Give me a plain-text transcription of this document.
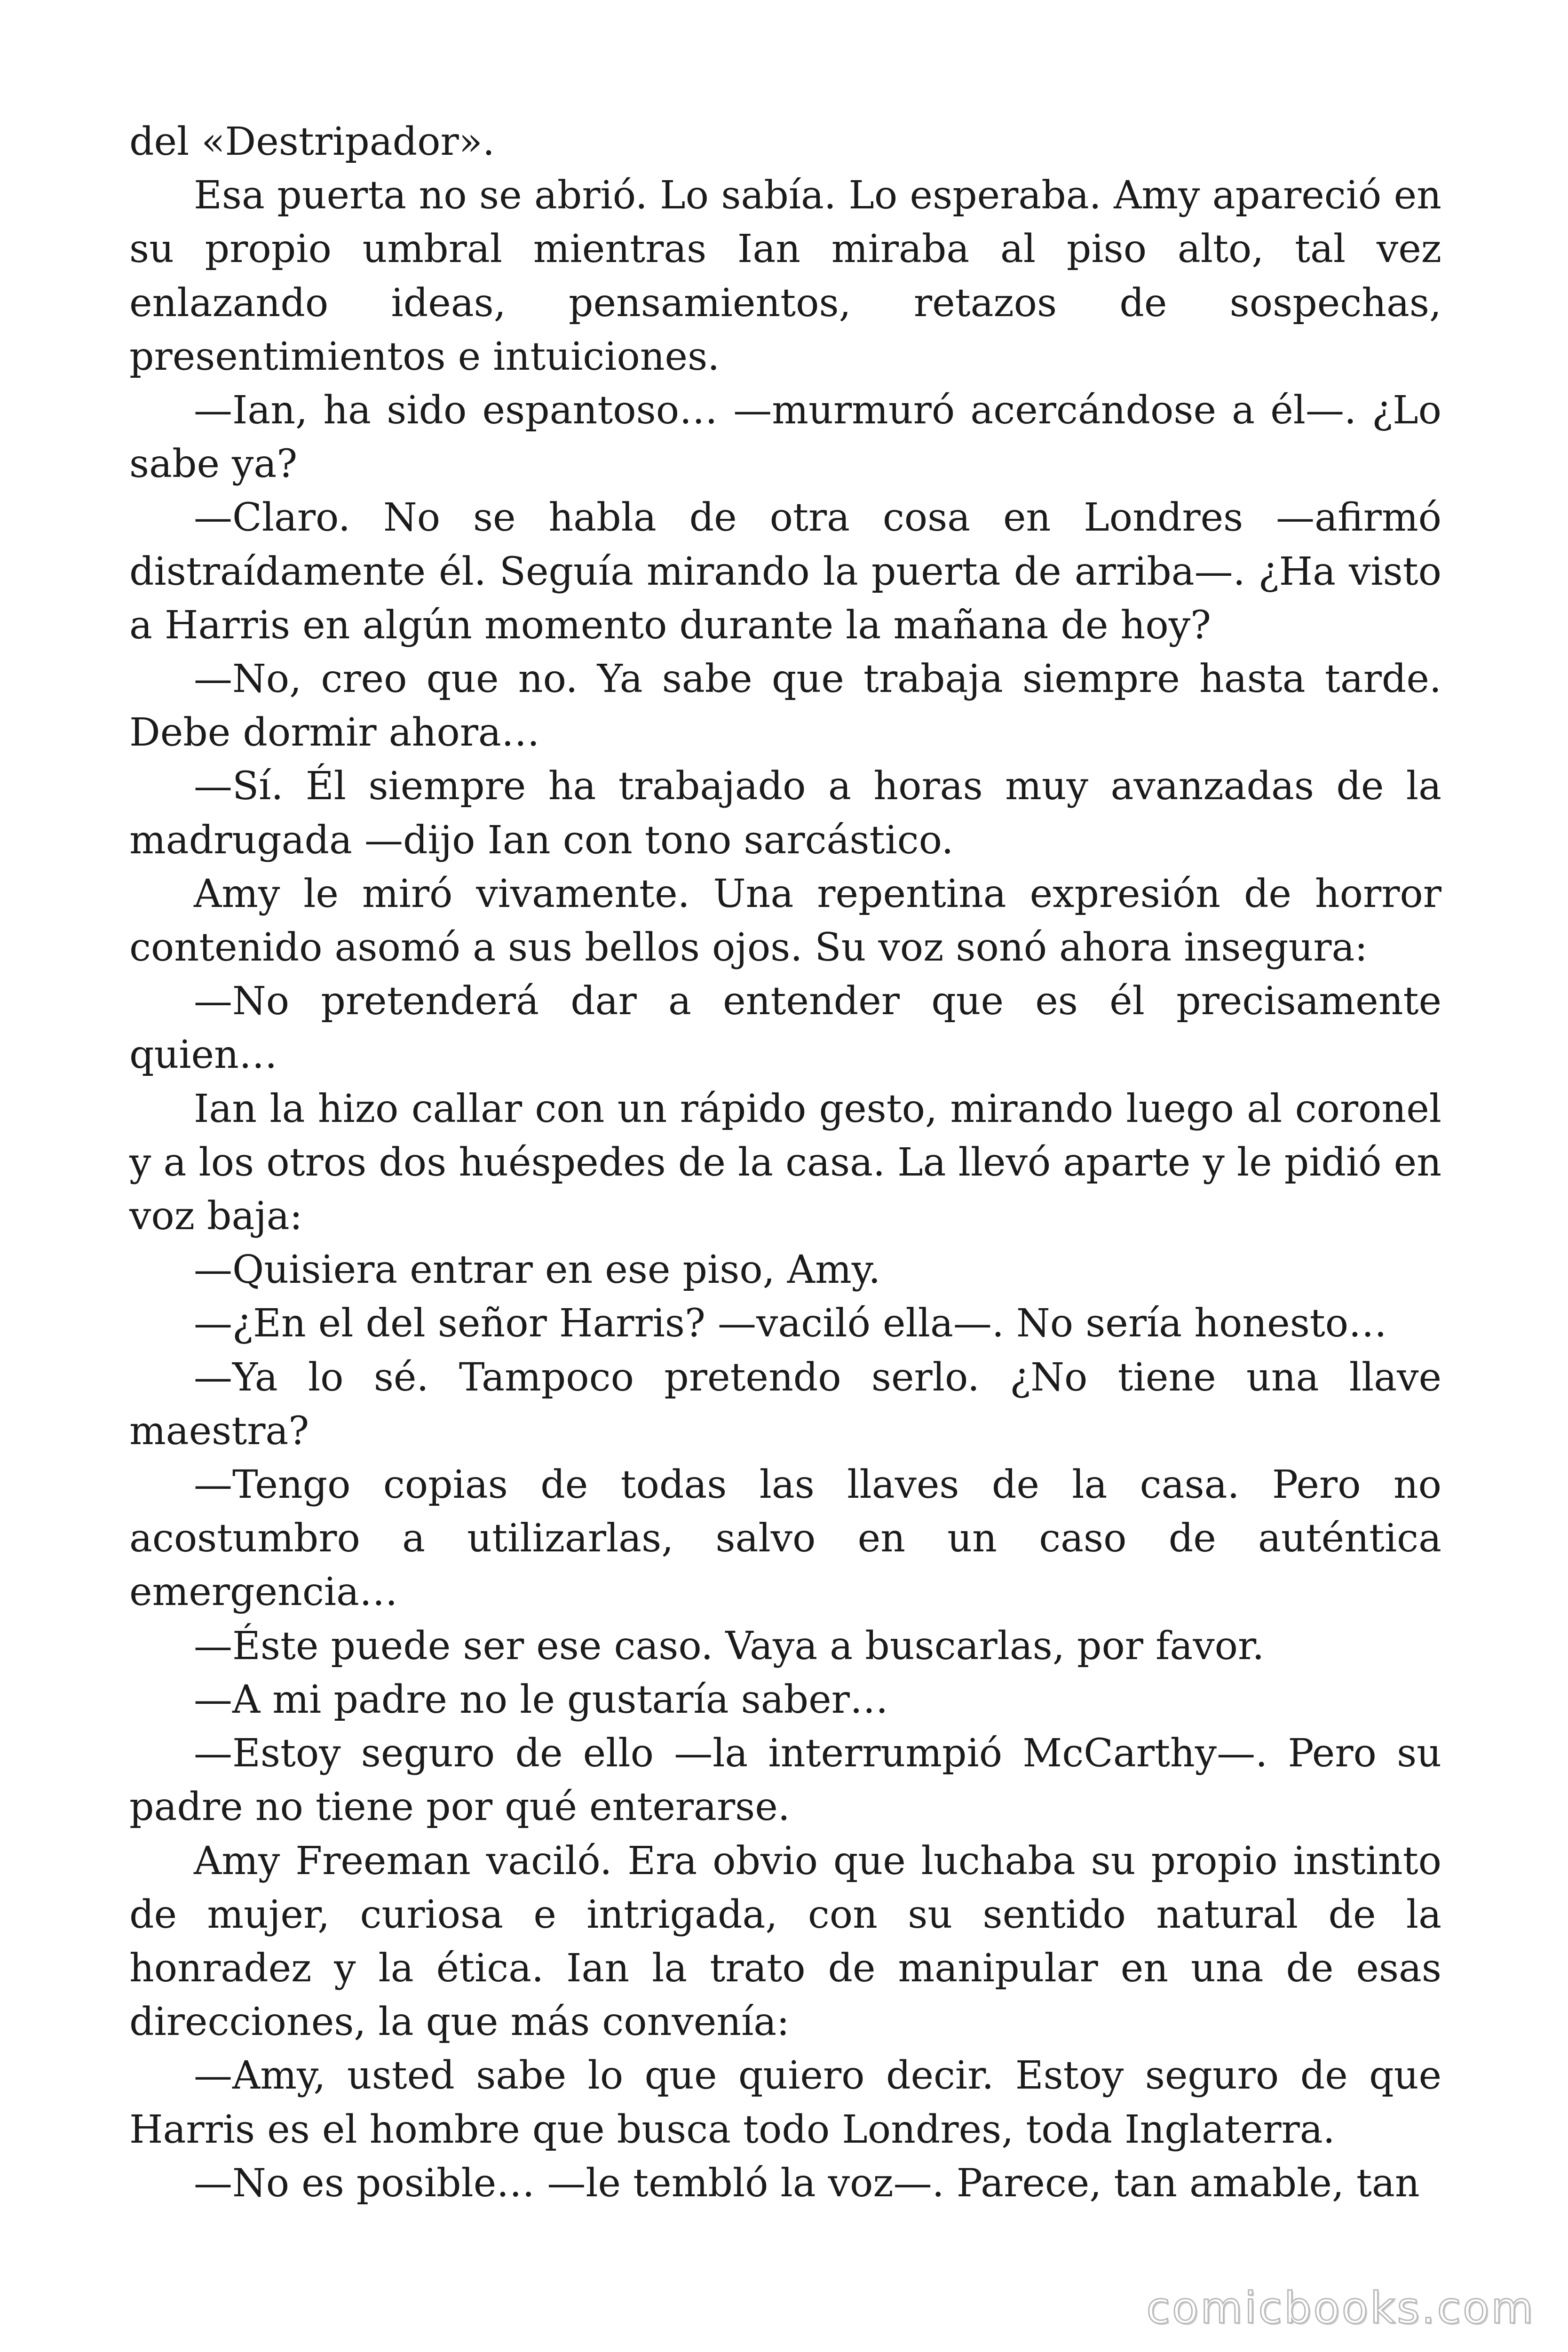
del «Destripador».

Esa puerta no se abrió. Lo sabía. Lo esperaba. Amy apareció en su propio umbral mientras Ian miraba al piso alto, tal vez enlazando ideas, pensamientos, retazos de sospechas, presentimientos e intuiciones.

—Ian, ha sido espantoso… —murmuró acercándose a él—. ¿Lo sabe ya?

—Claro. No se habla de otra cosa en Londres —afirmó distraídamente él. Seguía mirando la puerta de arriba—. ¿Ha visto a Harris en algún momento durante la mañana de hoy?

—No, creo que no. Ya sabe que trabaja siempre hasta tarde. Debe dormir ahora…

—Sí. Él siempre ha trabajado a horas muy avanzadas de la madrugada —dijo Ian con tono sarcástico.

Amy le miró vivamente. Una repentina expresión de horror contenido asomó a sus bellos ojos. Su voz sonó ahora insegura:

—No pretenderá dar a entender que es él precisamente quien…

Ian la hizo callar con un rápido gesto, mirando luego al coronel y a los otros dos huéspedes de la casa. La llevó aparte y le pidió en voz baja:

—Quisiera entrar en ese piso, Amy.

—¿En el del señor Harris? —vaciló ella—. No sería honesto…

—Ya lo sé. Tampoco pretendo serlo. ¿No tiene una llave maestra?

—Tengo copias de todas las llaves de la casa. Pero no acostumbro a utilizarlas, salvo en un caso de auténtica emergencia…

—Éste puede ser ese caso. Vaya a buscarlas, por favor.

—A mi padre no le gustaría saber…

—Estoy seguro de ello —la interrumpió McCarthy—. Pero su padre no tiene por qué enterarse.

Amy Freeman vaciló. Era obvio que luchaba su propio instinto de mujer, curiosa e intrigada, con su sentido natural de la honradez y la ética. Ian la trato de manipular en una de esas direcciones, la que más convenía:

—Amy, usted sabe lo que quiero decir. Estoy seguro de que Harris es el hombre que busca todo Londres, toda Inglaterra.

—No es posible… —le tembló la voz—. Parece, tan amable, tan

comicbooks.com
